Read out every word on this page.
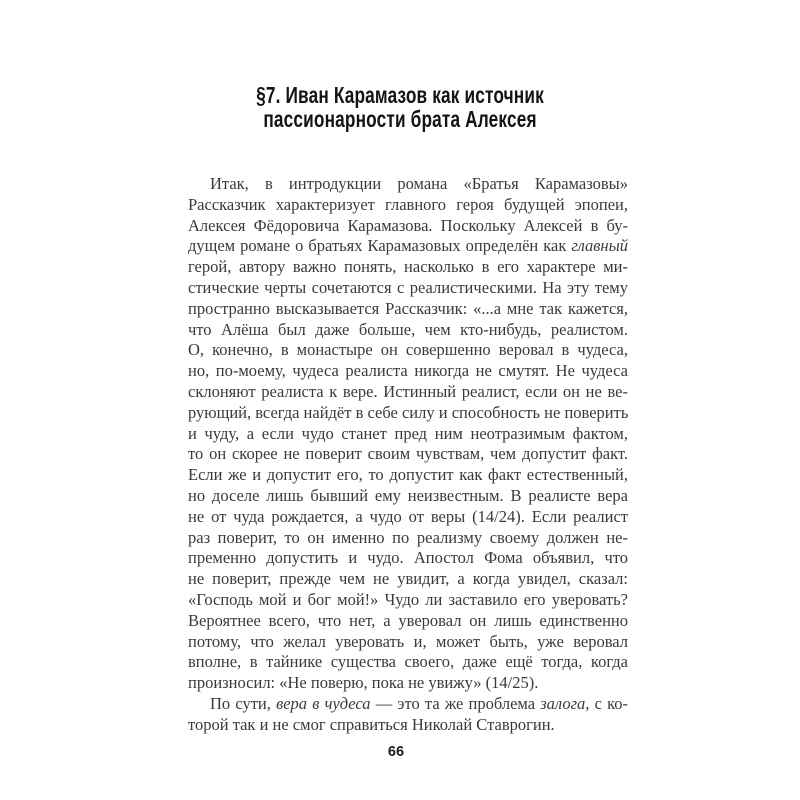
§7. Иван Карамазов как источник
пассионарности брата Алексея
Итак, в интродукции романа «Братья Карамазовы»
Рассказчик характеризует главного героя будущей эпопеи,
Алексея Фёдоровича Карамазова. Поскольку Алексей в бу-
дущем романе о братьях Карамазовых определён как главный
герой, автору важно понять, насколько в его характере ми-
стические черты сочетаются с реалистическими. На эту тему
пространно высказывается Рассказчик: «...а мне так кажется,
что Алёша был даже больше, чем кто-нибудь, реалистом.
О, конечно, в монастыре он совершенно веровал в чудеса,
но, по-моему, чудеса реалиста никогда не смутят. Не чудеса
склоняют реалиста к вере. Истинный реалист, если он не ве-
рующий, всегда найдёт в себе силу и способность не поверить
и чуду, а если чудо станет пред ним неотразимым фактом,
то он скорее не поверит своим чувствам, чем допустит факт.
Если же и допустит его, то допустит как факт естественный,
но доселе лишь бывший ему неизвестным. В реалисте вера
не от чуда рождается, а чудо от веры (14/24). Если реалист
раз поверит, то он именно по реализму своему должен не-
пременно допустить и чудо. Апостол Фома объявил, что
не поверит, прежде чем не увидит, а когда увидел, сказал:
«Господь мой и бог мой!» Чудо ли заставило его уверовать?
Вероятнее всего, что нет, а уверовал он лишь единственно
потому, что желал уверовать и, может быть, уже веровал
вполне, в тайнике существа своего, даже ещё тогда, когда
произносил: «Не поверю, пока не увижу» (14/25).
По сути, вера в чудеса — это та же проблема залога, с ко-
торой так и не смог справиться Николай Ставрогин.
66
